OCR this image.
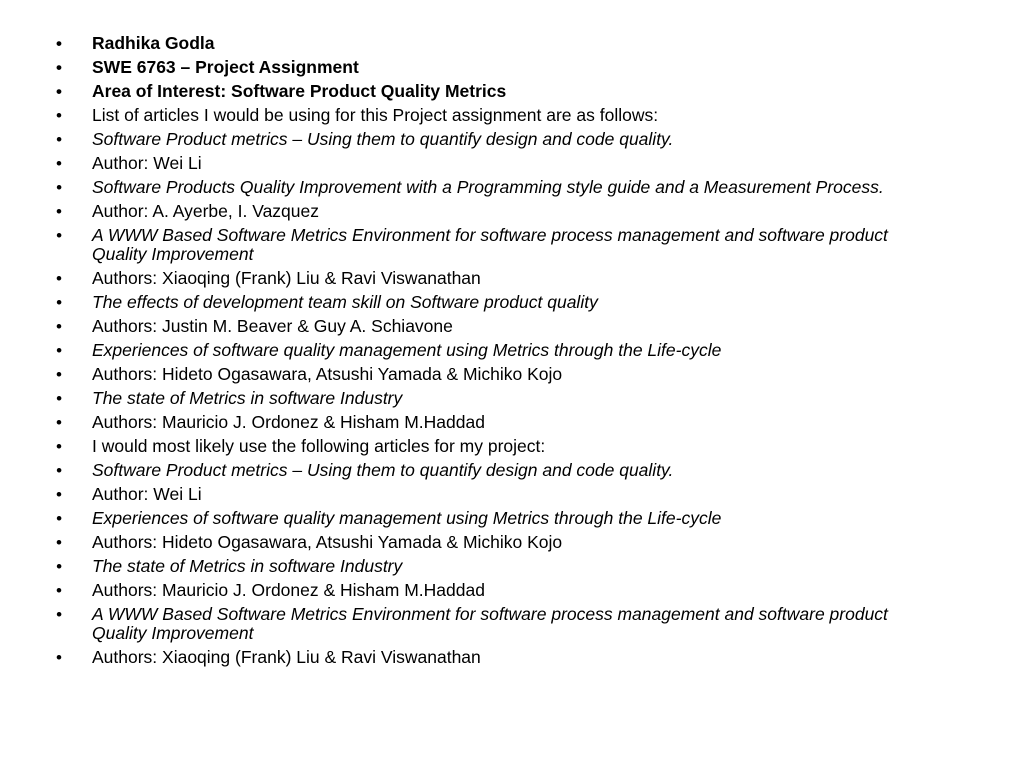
• Radhika Godla
• SWE 6763 – Project Assignment
• Area of Interest: Software Product Quality Metrics
• List of articles I would be using for this Project assignment are as follows:
• Software Product metrics – Using them to quantify design and code quality.
• Author: Wei Li
• Software Products Quality Improvement with a Programming style guide and a Measurement Process.
• Author: A. Ayerbe, I. Vazquez
• A WWW Based Software Metrics Environment for software process management and software product Quality Improvement
• Authors: Xiaoqing (Frank) Liu & Ravi Viswanathan
• The effects of development team skill on Software product quality
• Authors: Justin M. Beaver & Guy A. Schiavone
• Experiences of software quality management using Metrics through the Life-cycle
• Authors: Hideto Ogasawara, Atsushi Yamada & Michiko Kojo
• The state of Metrics in software Industry
• Authors: Mauricio J. Ordonez & Hisham M.Haddad
• I would most likely use the following articles for my project:
• Software Product metrics – Using them to quantify design and code quality.
• Author: Wei Li
• Experiences of software quality management using Metrics through the Life-cycle
• Authors: Hideto Ogasawara, Atsushi Yamada & Michiko Kojo
• The state of Metrics in software Industry
• Authors: Mauricio J. Ordonez & Hisham M.Haddad
• A WWW Based Software Metrics Environment for software process management and software product Quality Improvement
• Authors: Xiaoqing (Frank) Liu & Ravi Viswanathan
